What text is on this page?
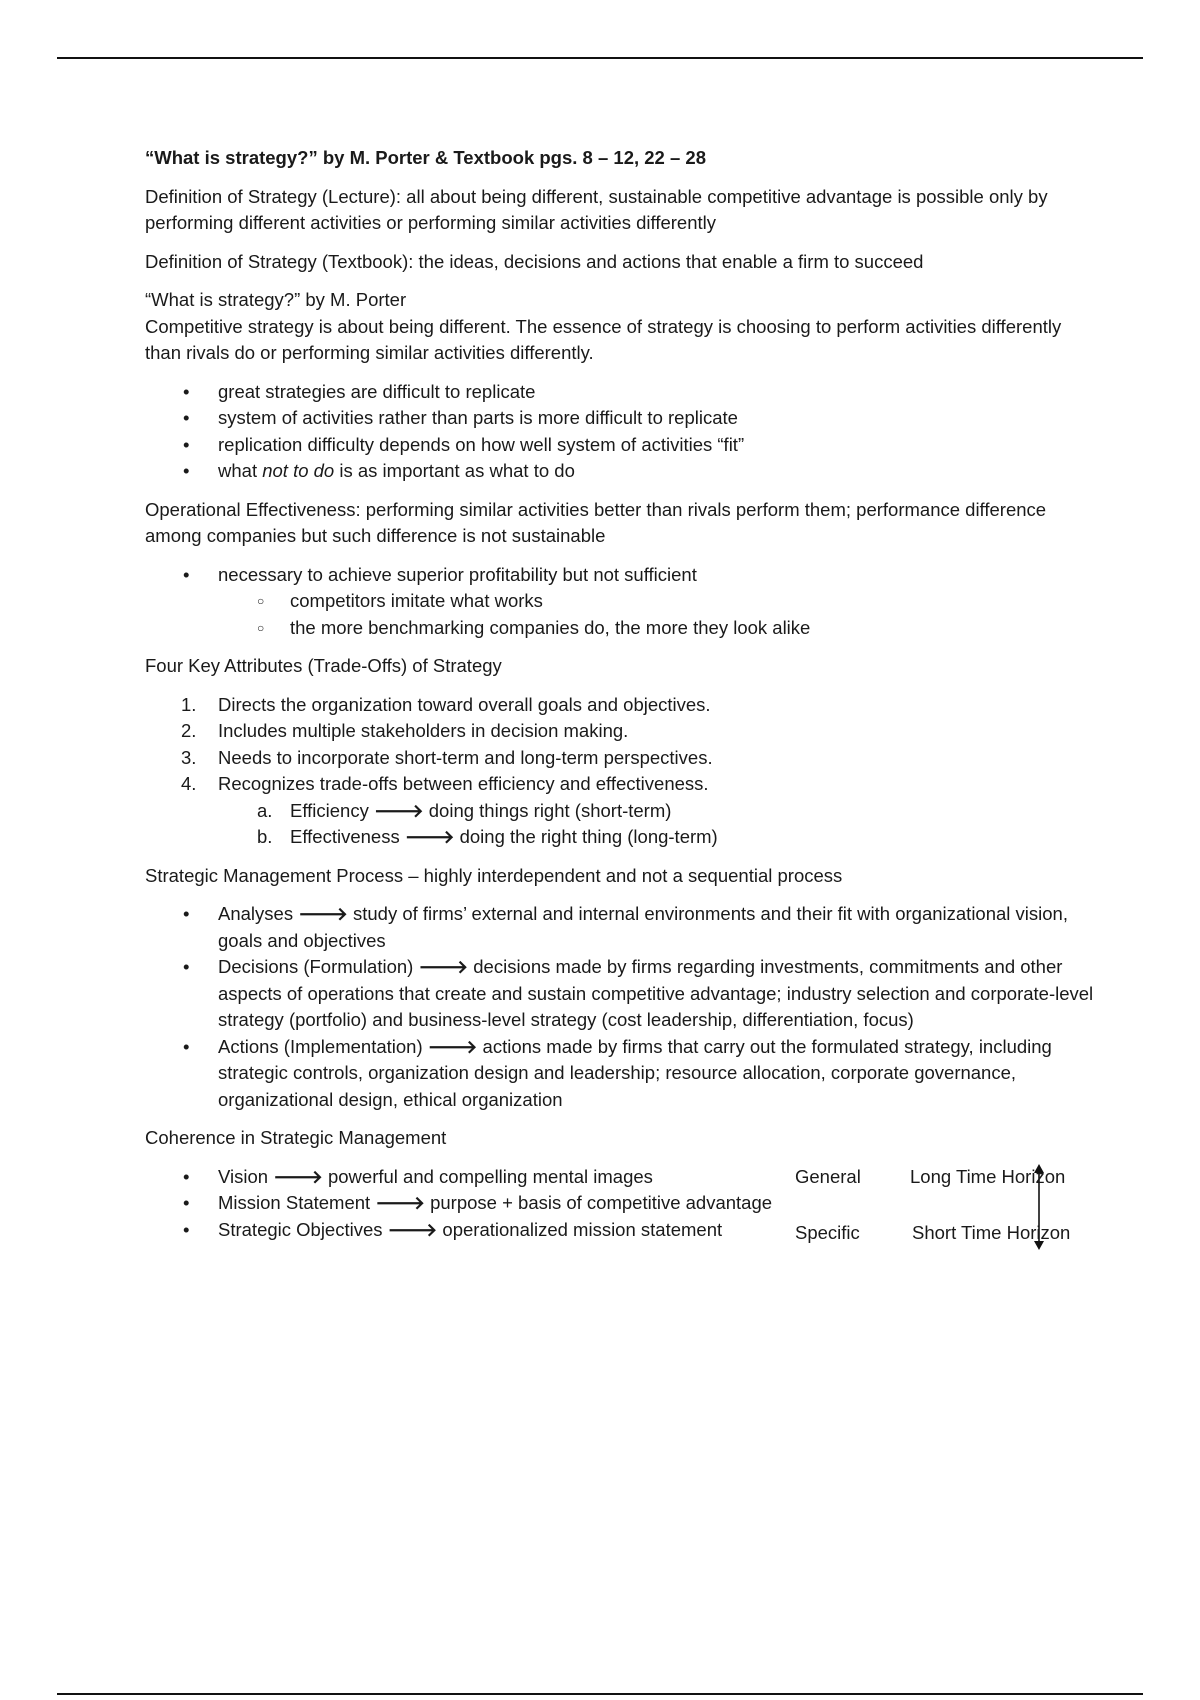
“What is strategy?” by M. Porter & Textbook pgs. 8 – 12, 22 – 28

Definition of Strategy (Lecture): all about being different, sustainable competitive advantage is possible only by performing different activities or performing similar activities differently

Definition of Strategy (Textbook): the ideas, decisions and actions that enable a firm to succeed

“What is strategy?” by M. Porter
Competitive strategy is about being different. The essence of strategy is choosing to perform activities differently than rivals do or performing similar activities differently.
• great strategies are difficult to replicate
• system of activities rather than parts is more difficult to replicate
• replication difficulty depends on how well system of activities “fit”
• what not to do is as important as what to do

Operational Effectiveness: performing similar activities better than rivals perform them; performance difference among companies but such difference is not sustainable

• necessary to achieve superior profitability but not sufficient
○ competitors imitate what works
○ the more benchmarking companies do, the more they look alike

Four Key Attributes (Trade-Offs) of Strategy

1. Directs the organization toward overall goals and objectives.
2. Includes multiple stakeholders in decision making.
3. Needs to incorporate short-term and long-term perspectives.
4. Recognizes trade-offs between efficiency and effectiveness.
a. Efficiency 🡒 doing things right (short-term)
b. Effectiveness 🡒 doing the right thing (long-term)

Strategic Management Process – highly interdependent and not a sequential process

• Analyses 🡒 study of firms’ external and internal environments and their fit with organizational vision, goals and objectives
• Decisions (Formulation) 🡒 decisions made by firms regarding investments, commitments and other aspects of operations that create and sustain competitive advantage; industry selection and corporate-level strategy (portfolio) and business-level strategy (cost leadership, differentiation, focus)
• Actions (Implementation) 🡒 actions made by firms that carry out the formulated strategy, including strategic controls, organization design and leadership; resource allocation, corporate governance, organizational design, ethical organization

Coherence in Strategic Management

• Vision 🡒 powerful and compelling mental images
• Mission Statement 🡒 purpose + basis of competitive advantage
• Strategic Objectives 🡒 operationalized mission statement
General
Specific
Long Time Horizon
Short Time Horizon
